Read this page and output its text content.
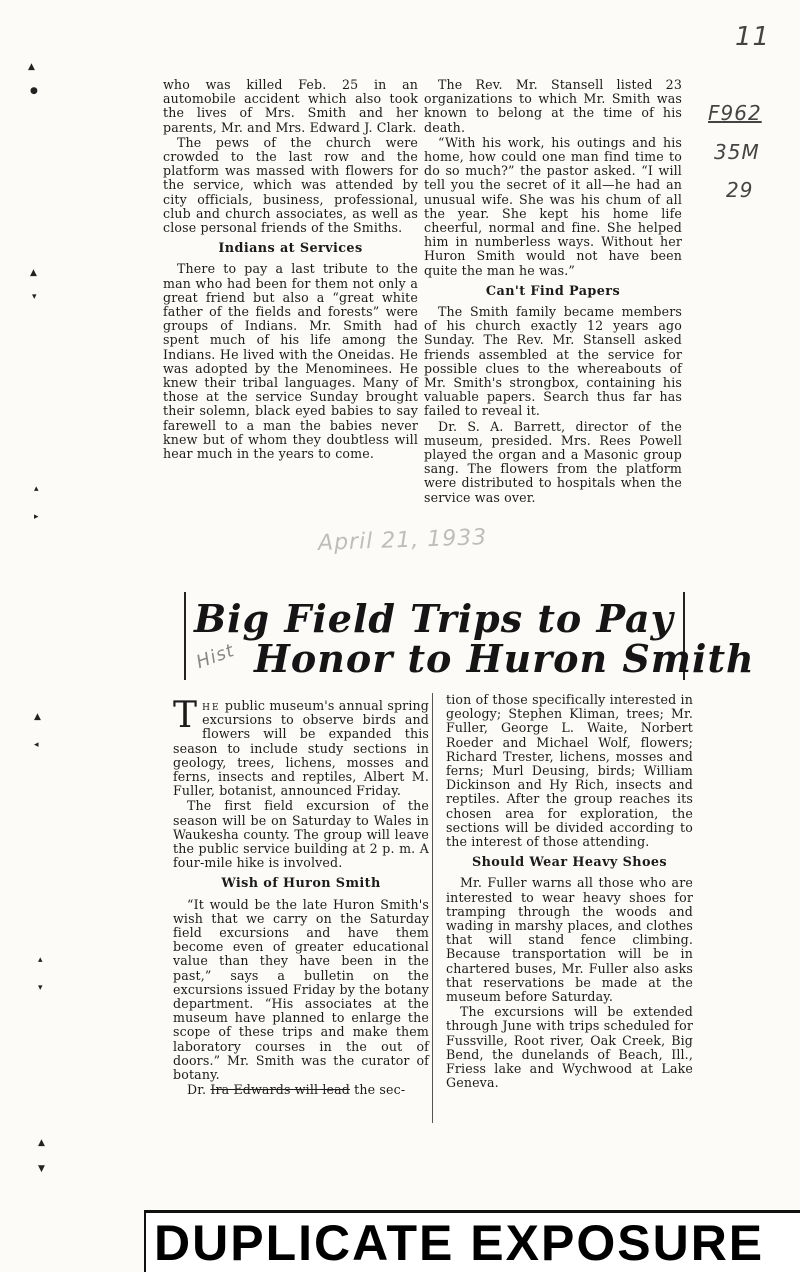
11
F962
35M
29
▲
●
▲
▾
▴
▸
▲
◂
▴
▾
▲
▼

who was killed Feb. 25 in an automobile accident which also took the lives of Mrs. Smith and her parents, Mr. and Mrs. Edward J. Clark.

The pews of the church were crowded to the last row and the platform was massed with flowers for the service, which was attended by city officials, business, professional, club and church associates, as well as close personal friends of the Smiths.

Indians at Services

There to pay a last tribute to the man who had been for them not only a great friend but also a “great white father of the fields and forests” were groups of Indians. Mr. Smith had spent much of his life among the Indians. He lived with the Oneidas. He was adopted by the Menominees. He knew their tribal languages. Many of those at the service Sunday brought their solemn, black eyed babies to say farewell to a man the babies never knew but of whom they doubtless will hear much in the years to come.

The Rev. Mr. Stansell listed 23 organizations to which Mr. Smith was known to belong at the time of his death.

“With his work, his outings and his home, how could one man find time to do so much?” the pastor asked. “I will tell you the secret of it all—he had an unusual wife. She was his chum of all the year. She kept his home life cheerful, normal and fine. She helped him in numberless ways. Without her Huron Smith would not have been quite the man he was.”

Can't Find Papers

The Smith family became members of his church exactly 12 years ago Sunday. The Rev. Mr. Stansell asked friends assembled at the service for possible clues to the whereabouts of Mr. Smith's strongbox, containing his valuable papers. Search thus far has failed to reveal it.

Dr. S. A. Barrett, director of the museum, presided. Mrs. Rees Powell played the organ and a Masonic group sang. The flowers from the platform were distributed to hospitals when the service was over.

April 21, 1933
Big Field Trips to Pay
Honor to Huron Smith
Hist

The public museum's annual spring excursions to observe birds and flowers will be expanded this season to include study sections in geology, trees, lichens, mosses and ferns, insects and reptiles, Albert M. Fuller, botanist, announced Friday.

The first field excursion of the season will be on Saturday to Wales in Waukesha county. The group will leave the public service building at 2 p. m. A four-mile hike is involved.

Wish of Huron Smith

“It would be the late Huron Smith's wish that we carry on the Saturday field excursions and have them become even of greater educational value than they have been in the past,” says a bulletin on the excursions issued Friday by the botany department. “His associates at the museum have planned to enlarge the scope of these trips and make them laboratory courses in the out of doors.” Mr. Smith was the curator of botany.

Dr. Ira Edwards will lead the sec-

tion of those specifically interested in geology; Stephen Kliman, trees; Mr. Fuller, George L. Waite, Norbert Roeder and Michael Wolf, flowers; Richard Trester, lichens, mosses and ferns; Murl Deusing, birds; William Dickinson and Hy Rich, insects and reptiles. After the group reaches its chosen area for exploration, the sections will be divided according to the interest of those attending.

Should Wear Heavy Shoes

Mr. Fuller warns all those who are interested to wear heavy shoes for tramping through the woods and wading in marshy places, and clothes that will stand fence climbing. Because transportation will be in chartered buses, Mr. Fuller also asks that reservations be made at the museum before Saturday.

The excursions will be extended through June with trips scheduled for Fussville, Root river, Oak Creek, Big Bend, the dunelands of Beach, Ill., Friess lake and Wychwood at Lake Geneva.

DUPLICATE EXPOSURE
